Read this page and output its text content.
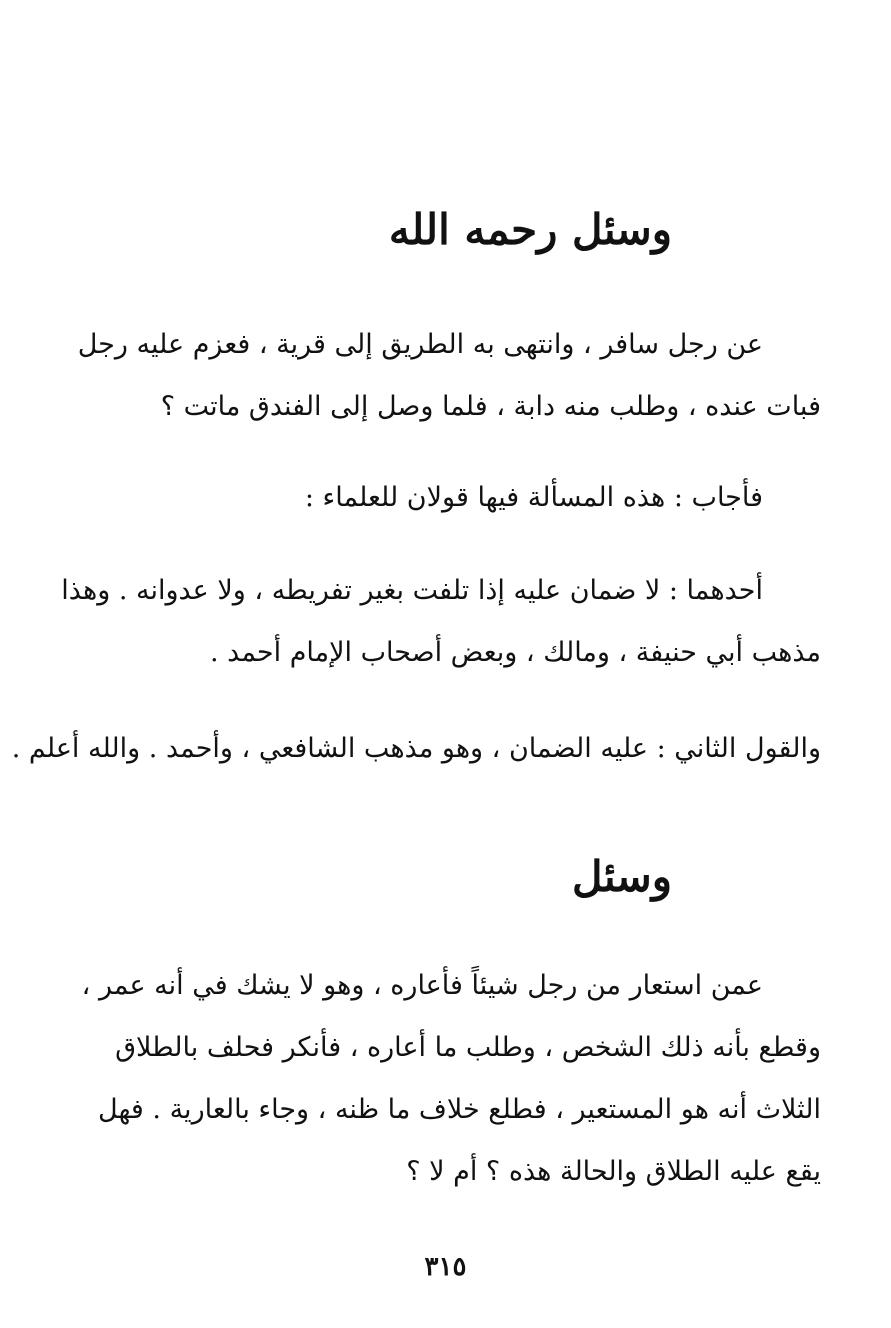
وسئل رحمه الله
عن رجل سافر ، وانتهى به الطريق إلى قرية ، فعزم عليه رجل
فبات عنده ، وطلب منه دابة ، فلما وصل إلى الفندق ماتت ؟
فأجاب : هذه المسألة فيها قولان للعلماء :
أحدهما : لا ضمان عليه إذا تلفت بغير تفريطه ، ولا عدوانه . وهذا
مذهب أبي حنيفة ، ومالك ، وبعض أصحاب الإمام أحمد .
والقول الثاني : عليه الضمان ، وهو مذهب الشافعي ، وأحمد . والله أعلم .
وسئل
عمن استعار من رجل شيئاً فأعاره ، وهو لا يشك في أنه عمر ،
وقطع بأنه ذلك الشخص ، وطلب ما أعاره ، فأنكر فحلف بالطلاق
الثلاث أنه هو المستعير ، فطلع خلاف ما ظنه ، وجاء بالعارية . فهل
يقع عليه الطلاق والحالة هذه ؟ أم لا ؟
٣١٥
